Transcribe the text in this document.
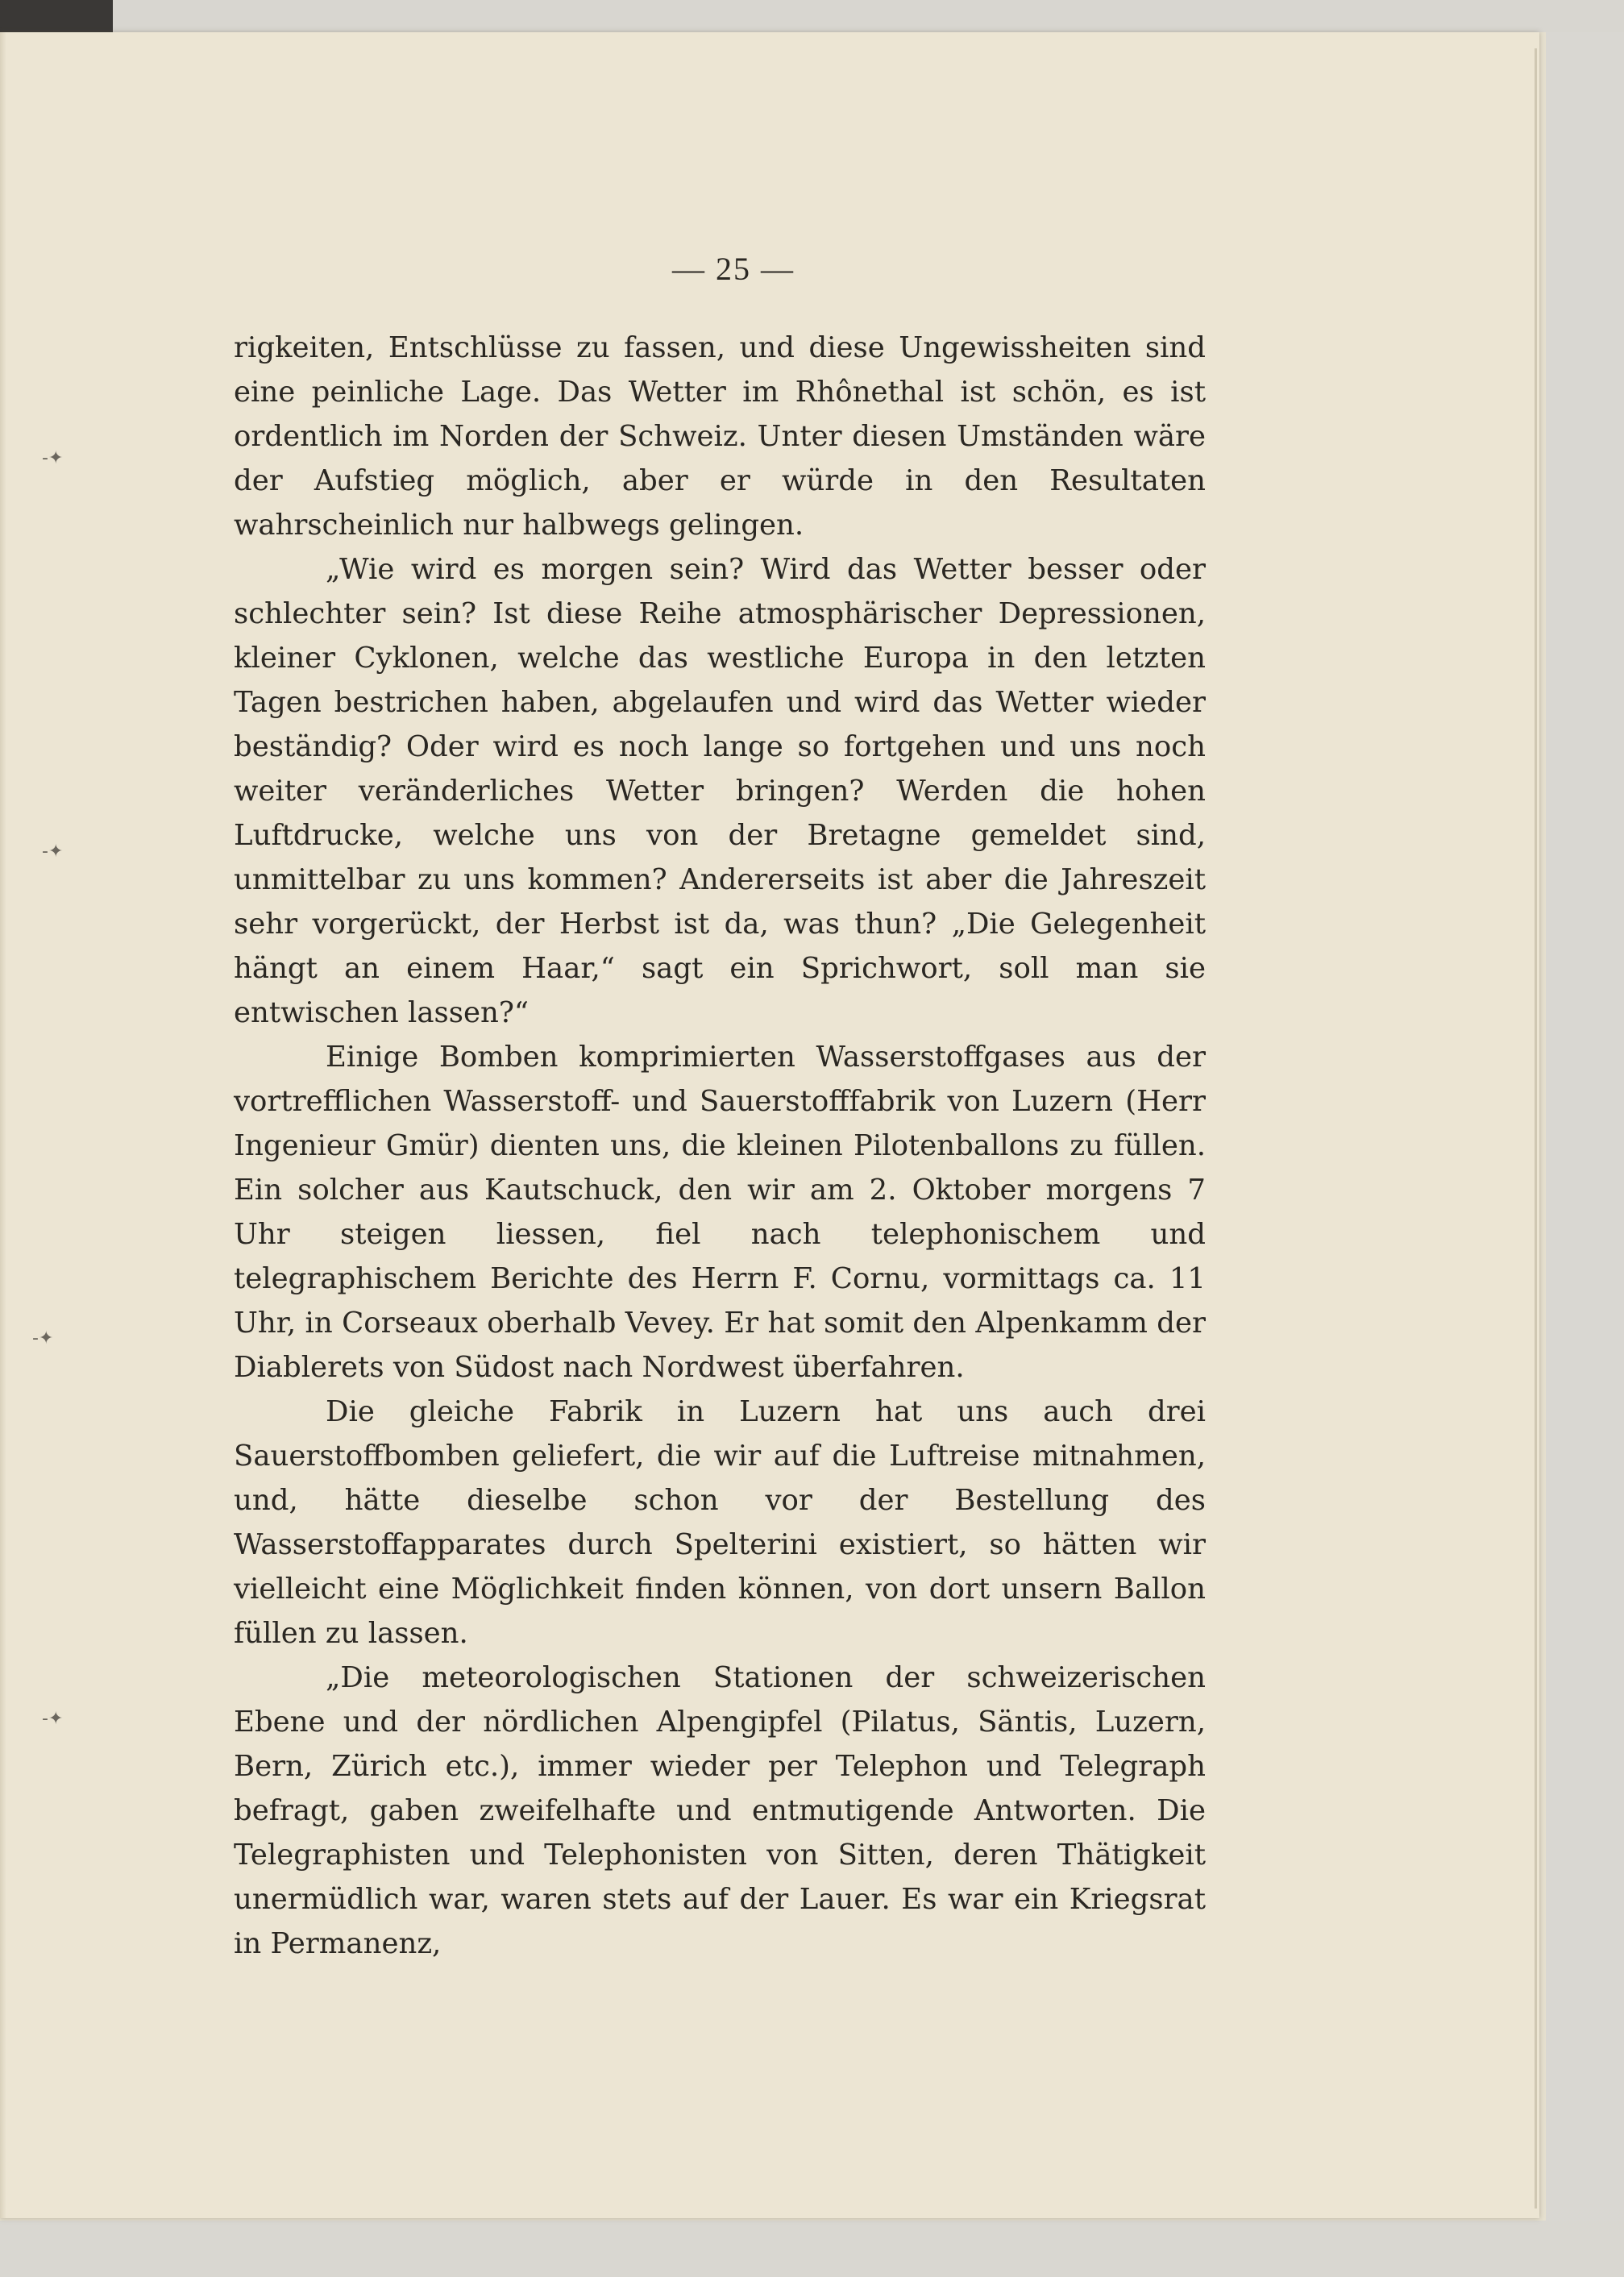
-✦
-✦
-✦
-✦
— 25 —

rigkeiten, Entschlüsse zu fassen, und diese Ungewissheiten sind eine peinliche Lage. Das Wetter im Rhônethal ist schön, es ist ordentlich im Norden der Schweiz. Unter diesen Umständen wäre der Aufstieg möglich, aber er würde in den Resultaten wahrscheinlich nur halbwegs gelingen.

„Wie wird es morgen sein? Wird das Wetter besser oder schlechter sein? Ist diese Reihe atmosphärischer Depressionen, kleiner Cyklonen, welche das westliche Europa in den letzten Tagen bestrichen haben, abgelaufen und wird das Wetter wieder beständig? Oder wird es noch lange so fortgehen und uns noch weiter veränderliches Wetter bringen? Werden die hohen Luftdrucke, welche uns von der Bretagne gemeldet sind, unmittelbar zu uns kommen? Andererseits ist aber die Jahreszeit sehr vorgerückt, der Herbst ist da, was thun? „Die Gelegenheit hängt an einem Haar,“ sagt ein Sprichwort, soll man sie entwischen lassen?“

Einige Bomben komprimierten Wasserstoffgases aus der vortrefflichen Wasserstoff- und Sauerstofffabrik von Luzern (Herr Ingenieur Gmür) dienten uns, die kleinen Pilotenballons zu füllen. Ein solcher aus Kautschuck, den wir am 2. Oktober morgens 7 Uhr steigen liessen, fiel nach telephonischem und telegraphischem Berichte des Herrn F. Cornu, vormittags ca. 11 Uhr, in Corseaux oberhalb Vevey. Er hat somit den Alpenkamm der Diablerets von Südost nach Nordwest überfahren.

Die gleiche Fabrik in Luzern hat uns auch drei Sauerstoffbomben geliefert, die wir auf die Luftreise mitnahmen, und, hätte dieselbe schon vor der Bestellung des Wasserstoffapparates durch Spelterini existiert, so hätten wir vielleicht eine Möglichkeit finden können, von dort unsern Ballon füllen zu lassen.

„Die meteorologischen Stationen der schweizerischen Ebene und der nördlichen Alpengipfel (Pilatus, Säntis, Luzern, Bern, Zürich etc.), immer wieder per Telephon und Telegraph befragt, gaben zweifelhafte und entmutigende Antworten. Die Telegraphisten und Telephonisten von Sitten, deren Thätigkeit unermüdlich war, waren stets auf der Lauer. Es war ein Kriegsrat in Permanenz,
